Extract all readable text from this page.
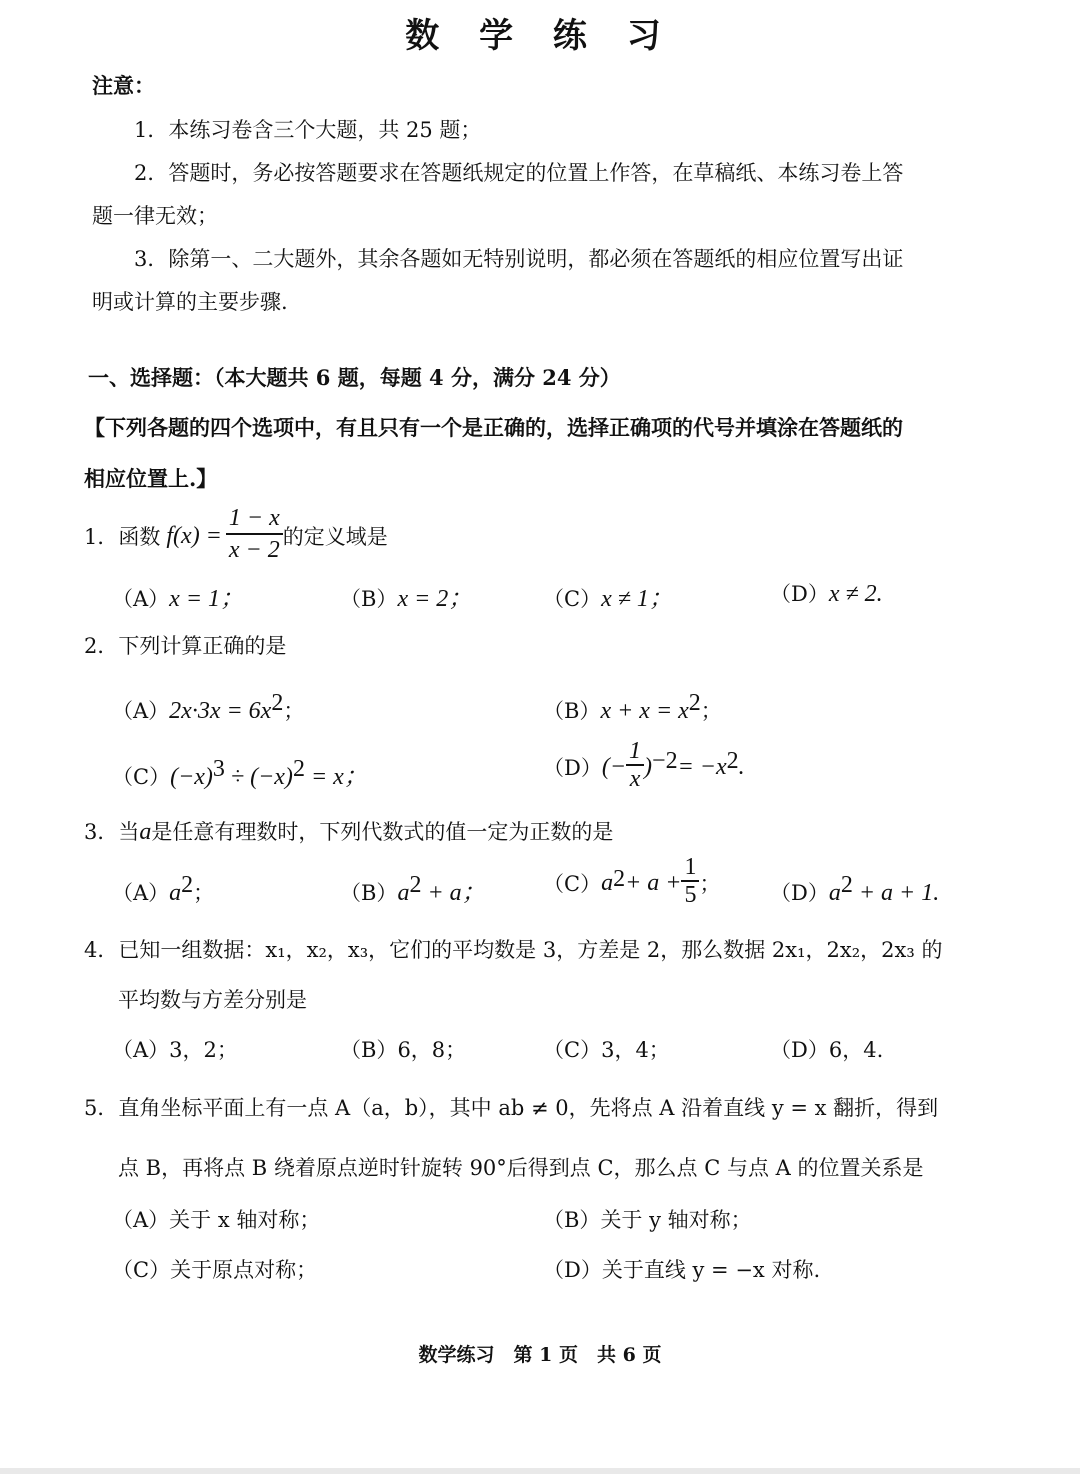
数 学 练 习
注意：
1．本练习卷含三个大题，共 25 题；
2．答题时，务必按答题要求在答题纸规定的位置上作答，在草稿纸、本练习卷上答
题一律无效；
3．除第一、二大题外，其余各题如无特别说明，都必须在答题纸的相应位置写出证
明或计算的主要步骤.
一、选择题：（本大题共 6 题，每题 4 分，满分 24 分）
【下列各题的四个选项中，有且只有一个是正确的，选择正确项的代号并填涂在答题纸的
相应位置上.】
1． 函数 $f(x) = \frac{1 - x}{x - 2}$ 的定义域是
（A）x = 1；	（B）x = 2；	（C）x ≠ 1；	（D）x ≠ 2.
2．下列计算正确的是
$(A)2x\cdot 3x = 6x^2$；	$(B)x + x = x^2$；
$(C)(-x)^3 \div (-x)^2 = x$；	（D） (− $\frac{1}{x}$ ) −2 = −x 2 .
3．当a是任意有理数时，下列代数式的值一定为正数的是
$(A)a^2$；	$(B)a^2 + a$；	（C） a $2 + a + \frac{1}{5}$ ； $(D)a^2 + a + 1$.
4．已知一组数据：x₁，x₂，x₃，它们的平均数是 3，方差是 2，那么数据 2x₁，2x₂，2x₃ 的
平均数与方差分别是
（A）3，2；	（B）6，8；	（C）3，4；	（D）6，4.
5．直角坐标平面上有一点 A（a，b），其中 ab ≠ 0，先将点 A 沿着直线 y = x 翻折，得到
点 B，再将点 B 绕着原点逆时针旋转 90°后得到点 C，那么点 C 与点 A 的位置关系是
（A）关于 x 轴对称；	（B）关于 y 轴对称；
（C）关于原点对称；	（D）关于直线 y = −x 对称.
数学练习　第 1 页　共 6 页
